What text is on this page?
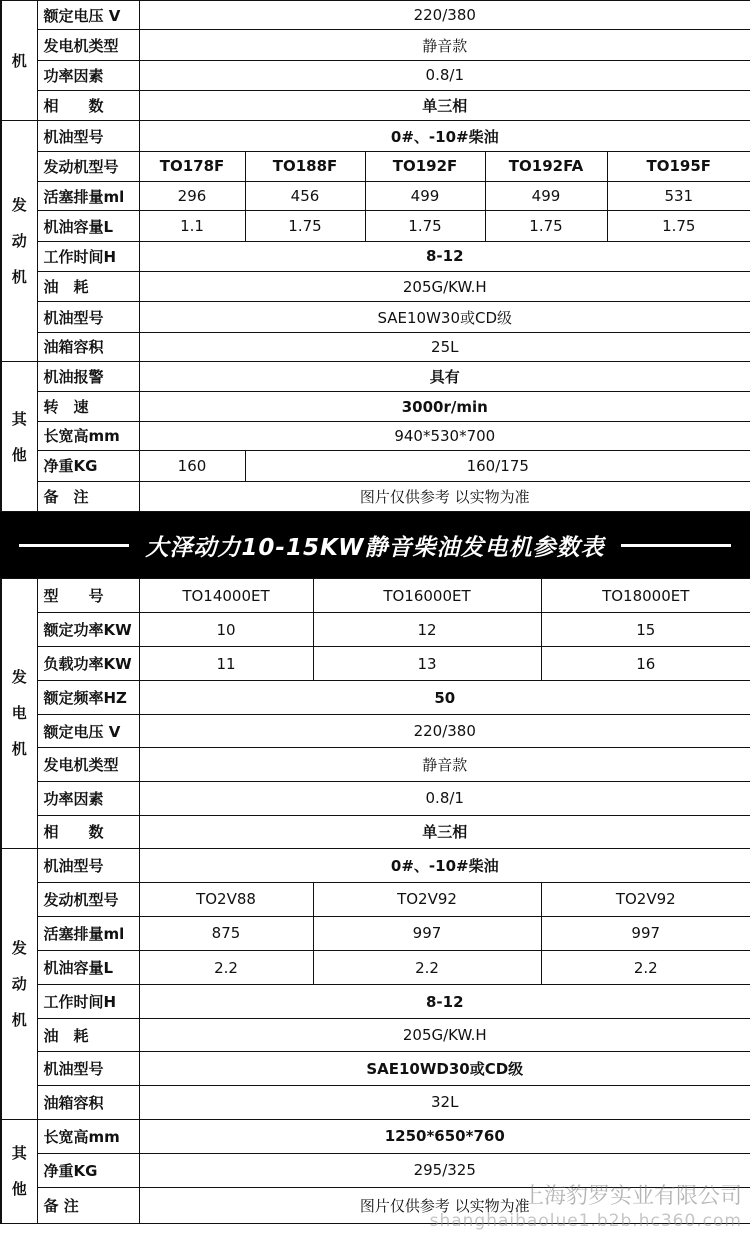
机	额定电压 V	220/380				
	发电机类型	静音款				
	功率因素	0.8/1				
	相　　数	单三相				

发
动
机	机油型号	0#、-10#柴油				
	发动机型号	TO178F	TO188F	TO192F	TO192FA	TO195F
	活塞排量ml	296	456	499	499	531
	机油容量L	1.1	1.75	1.75	1.75	1.75
	工作时间H	8-12				
	油　耗	205G/KW.H				
	机油型号	SAE10W30或CD级				
	油箱容积	25L				

其
他	机油报警	具有				
	转　速	3000r/min				
	长宽高mm	940*530*700				
	净重KG	160	160/175			
	备　注	图片仅供参考 以实物为准				
大泽动力10-15KW静音柴油发电机参数表
发
电
机	型　　号	TO14000ET	TO16000ET	TO18000ET
	额定功率KW	10	12	15
	负载功率KW	11	13	16
	额定频率HZ	50		
	额定电压 V	220/380		
	发电机类型	静音款		
	功率因素	0.8/1		
	相　　数	单三相		

发
动
机	机油型号	0#、-10#柴油		
	发动机型号	TO2V88	TO2V92	TO2V92
	活塞排量ml	875	997	997
	机油容量L	2.2	2.2	2.2
	工作时间H	8-12		
	油　耗	205G/KW.H		
	机油型号	SAE10WD30或CD级		
	油箱容积	32L		

其
他	长宽高mm	1250*650*760		
	净重KG	295/325		
	备 注	图片仅供参考 以实物为准		
上海豹罗实业有限公司
shanghaibaolue1.b2b.hc360.com
